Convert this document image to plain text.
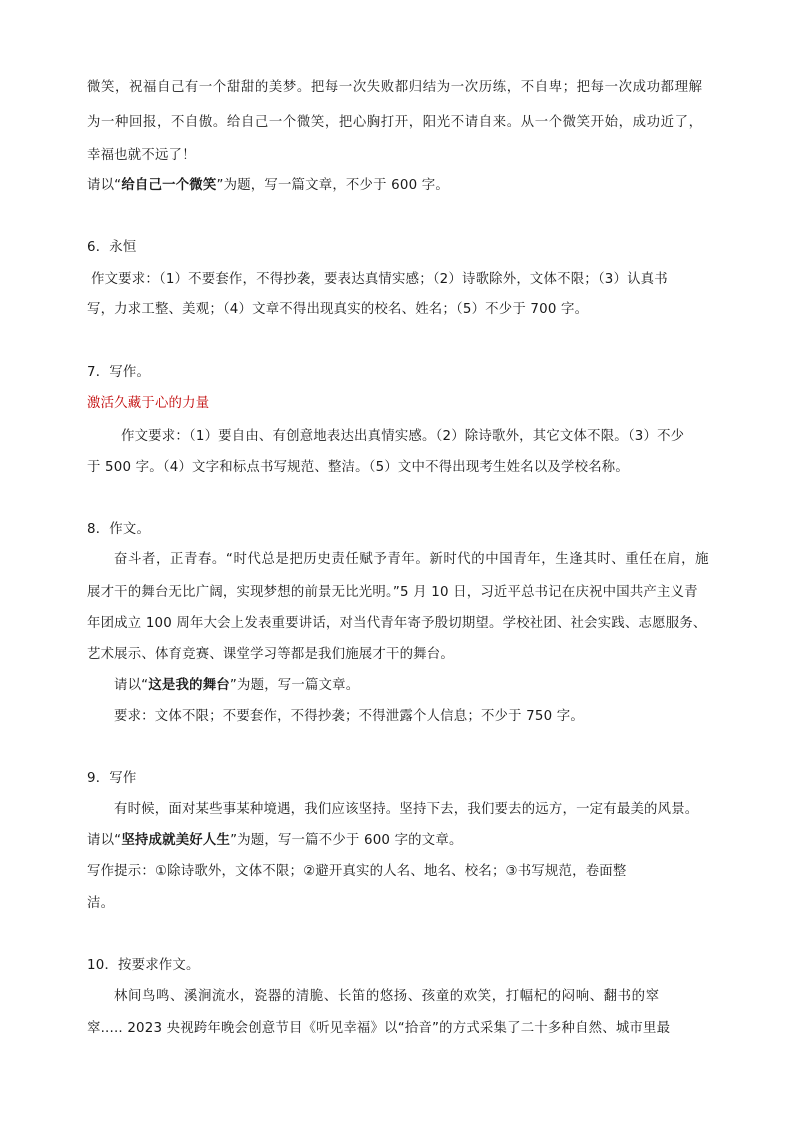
微笑，祝福自己有一个甜甜的美梦。把每一次失败都归结为一次历练，不自卑；把每一次成功都理解
为一种回报，不自傲。给自己一个微笑，把心胸打开，阳光不请自来。从一个微笑开始，成功近了，
幸福也就不远了！
请以“给自己一个微笑”为题，写一篇文章，不少于 600 字。
6．永恒
作文要求：（1）不要套作，不得抄袭，要表达真情实感；（2）诗歌除外，文体不限；（3）认真书
写，力求工整、美观；（4）文章不得出现真实的校名、姓名；（5）不少于 700 字。
7．写作。
激活久藏于心的力量
作文要求：（1）要自由、有创意地表达出真情实感。（2）除诗歌外，其它文体不限。（3）不少
于 500 字。（4）文字和标点书写规范、整洁。（5）文中不得出现考生姓名以及学校名称。
8．作文。
奋斗者，正青春。“时代总是把历史责任赋予青年。新时代的中国青年，生逢其时、重任在肩，施
展才干的舞台无比广阔，实现梦想的前景无比光明。”5 月 10 日，习近平总书记在庆祝中国共产主义青
年团成立 100 周年大会上发表重要讲话，对当代青年寄予殷切期望。学校社团、社会实践、志愿服务、
艺术展示、体育竞赛、课堂学习等都是我们施展才干的舞台。
请以“这是我的舞台”为题，写一篇文章。
要求：文体不限；不要套作，不得抄袭；不得泄露个人信息；不少于 750 字。
9．写作
有时候，面对某些事某种境遇，我们应该坚持。坚持下去，我们要去的远方，一定有最美的风景。
请以“坚持成就美好人生”为题，写一篇不少于 600 字的文章。
写作提示：①除诗歌外，文体不限；②避开真实的人名、地名、校名；③书写规范，卷面整
洁。
10．按要求作文。
林间鸟鸣、溪涧流水，瓷器的清脆、长笛的悠扬、孩童的欢笑，打幅杞的闷响、翻书的窣
窣..... 2023 央视跨年晚会创意节目《听见幸福》以“拾音”的方式采集了二十多种自然、城市里最
